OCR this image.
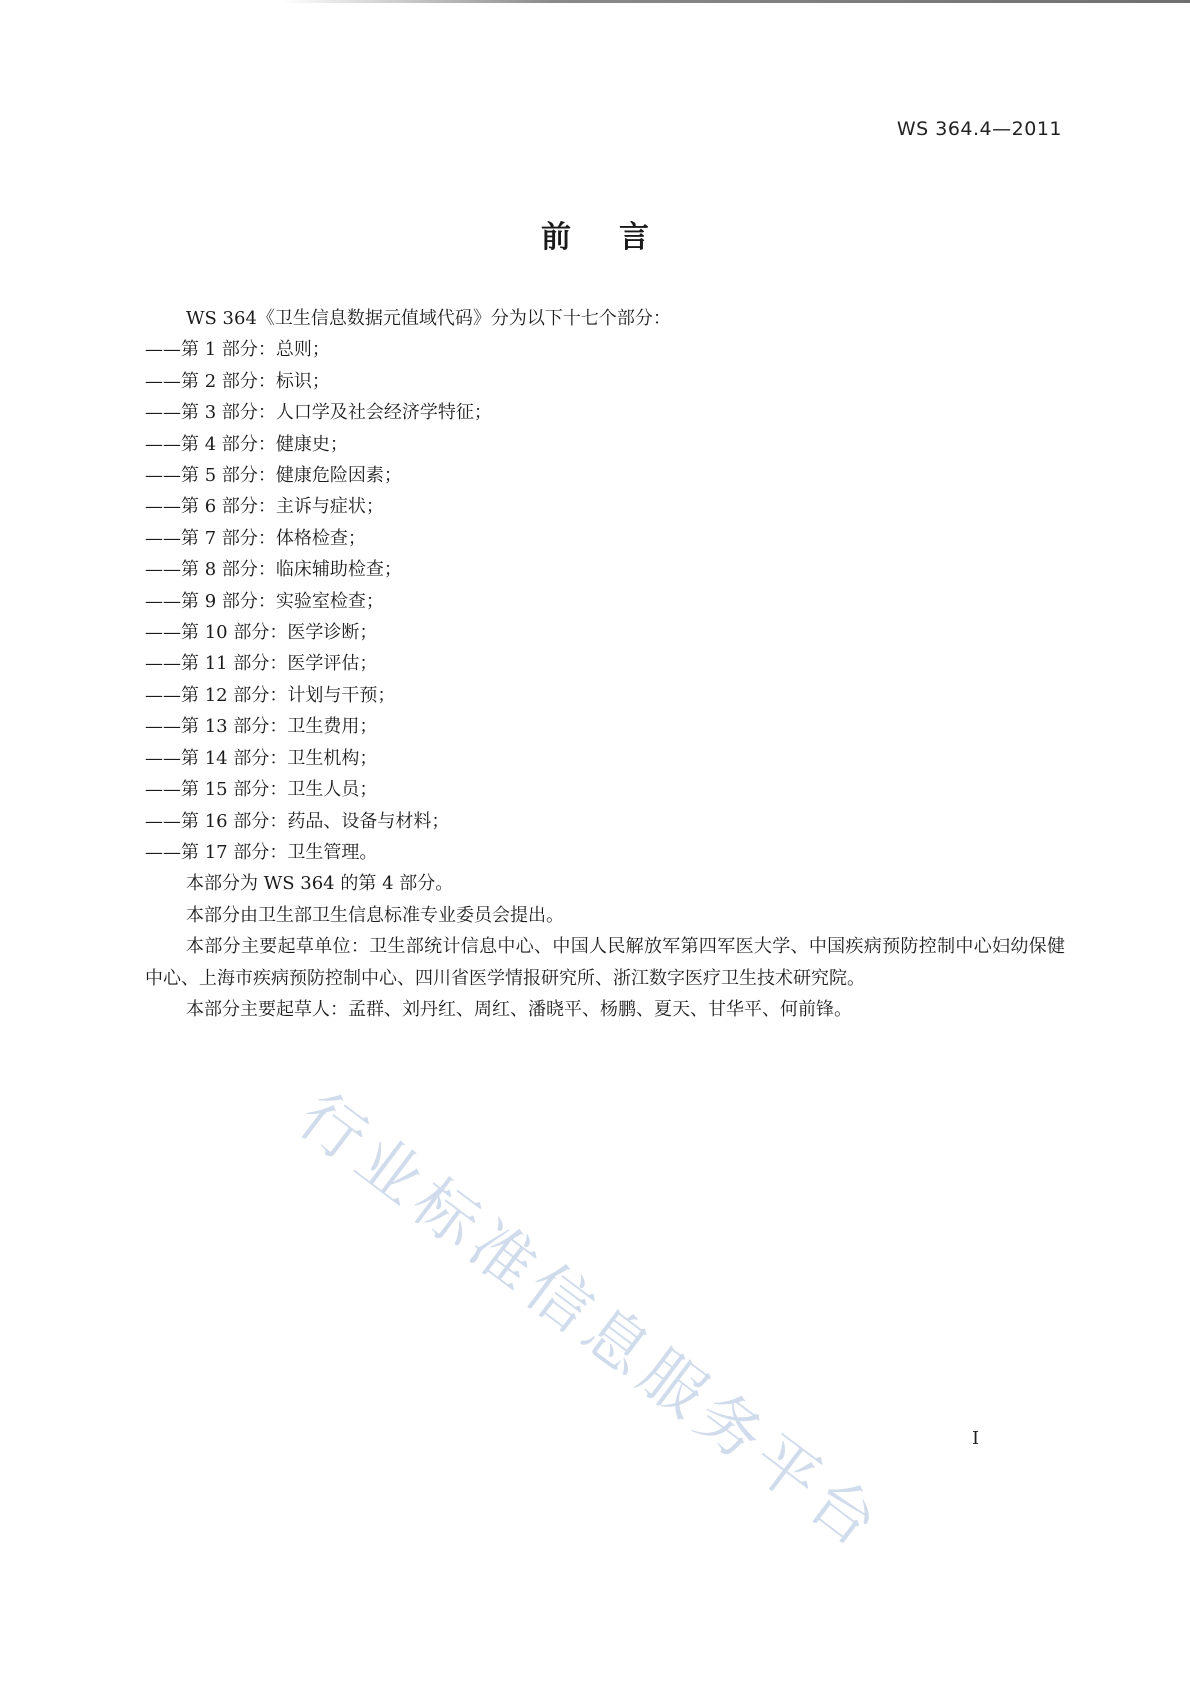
WS 364.4—2011
前言
WS 364《卫生信息数据元值域代码》分为以下十七个部分：
——第 1 部分：总则；
——第 2 部分：标识；
——第 3 部分：人口学及社会经济学特征；
——第 4 部分：健康史；
——第 5 部分：健康危险因素；
——第 6 部分：主诉与症状；
——第 7 部分：体格检查；
——第 8 部分：临床辅助检查；
——第 9 部分：实验室检查；
——第 10 部分：医学诊断；
——第 11 部分：医学评估；
——第 12 部分：计划与干预；
——第 13 部分：卫生费用；
——第 14 部分：卫生机构；
——第 15 部分：卫生人员；
——第 16 部分：药品、设备与材料；
——第 17 部分：卫生管理。
本部分为 WS 364 的第 4 部分。
本部分由卫生部卫生信息标准专业委员会提出。
本部分主要起草单位：卫生部统计信息中心、中国人民解放军第四军医大学、中国疾病预防控制中心妇幼保健中心、上海市疾病预防控制中心、四川省医学情报研究所、浙江数字医疗卫生技术研究院。
本部分主要起草人：孟群、刘丹红、周红、潘晓平、杨鹏、夏天、甘华平、何前锋。
行业标准信息服务平台	I
